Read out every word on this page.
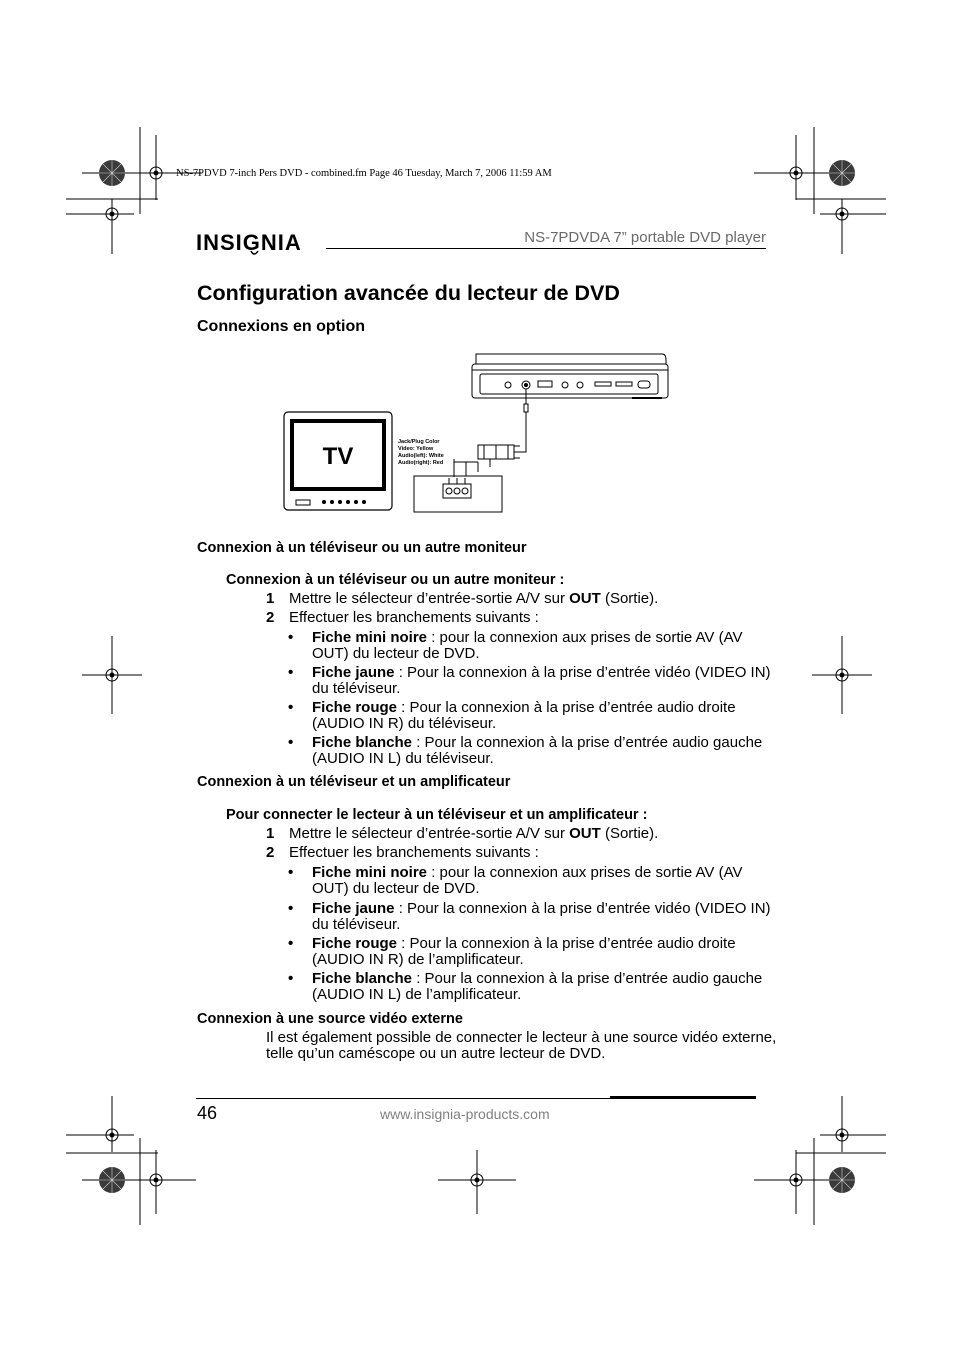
NS-7PDVD 7-inch Pers DVD - combined.fm Page 46 Tuesday, March 7, 2006 11:59 AM
INSIGNIA	NS-7PDVDA 7” portable DVD player
Configuration avancée du lecteur de DVD
Connexions en option
Jack/Plug Color
Video: Yellow
Audio(left): White
Audio(right): Red
TV

Connexion à un téléviseur ou un autre moniteur

Connexion à un téléviseur ou un autre moniteur :

1 Mettre le sélecteur d’entrée-sortie A/V sur OUT (Sortie).
2 Effectuer les branchements suivants :
•	Fiche mini noire : pour la connexion aux prises de sortie AV (AV OUT) du lecteur de DVD.
•	Fiche jaune : Pour la connexion à la prise d’entrée vidéo (VIDEO IN) du téléviseur.
•	Fiche rouge : Pour la connexion à la prise d’entrée audio droite (AUDIO IN R) du téléviseur.
•	Fiche blanche : Pour la connexion à la prise d’entrée audio gauche (AUDIO IN L) du téléviseur.

Connexion à un téléviseur et un amplificateur

Pour connecter le lecteur à un téléviseur et un amplificateur :

1 Mettre le sélecteur d’entrée-sortie A/V sur OUT (Sortie).
2 Effectuer les branchements suivants :
•	Fiche mini noire : pour la connexion aux prises de sortie AV (AV OUT) du lecteur de DVD.
•	Fiche jaune : Pour la connexion à la prise d’entrée vidéo (VIDEO IN) du téléviseur.
•	Fiche rouge : Pour la connexion à la prise d’entrée audio droite (AUDIO IN R) de l’amplificateur.
•	Fiche blanche : Pour la connexion à la prise d’entrée audio gauche (AUDIO IN L) de l’amplificateur.

Connexion à une source vidéo externe

Il est également possible de connecter le lecteur à une source vidéo externe, telle qu’un caméscope ou un autre lecteur de DVD.
46	www.insignia-products.com
